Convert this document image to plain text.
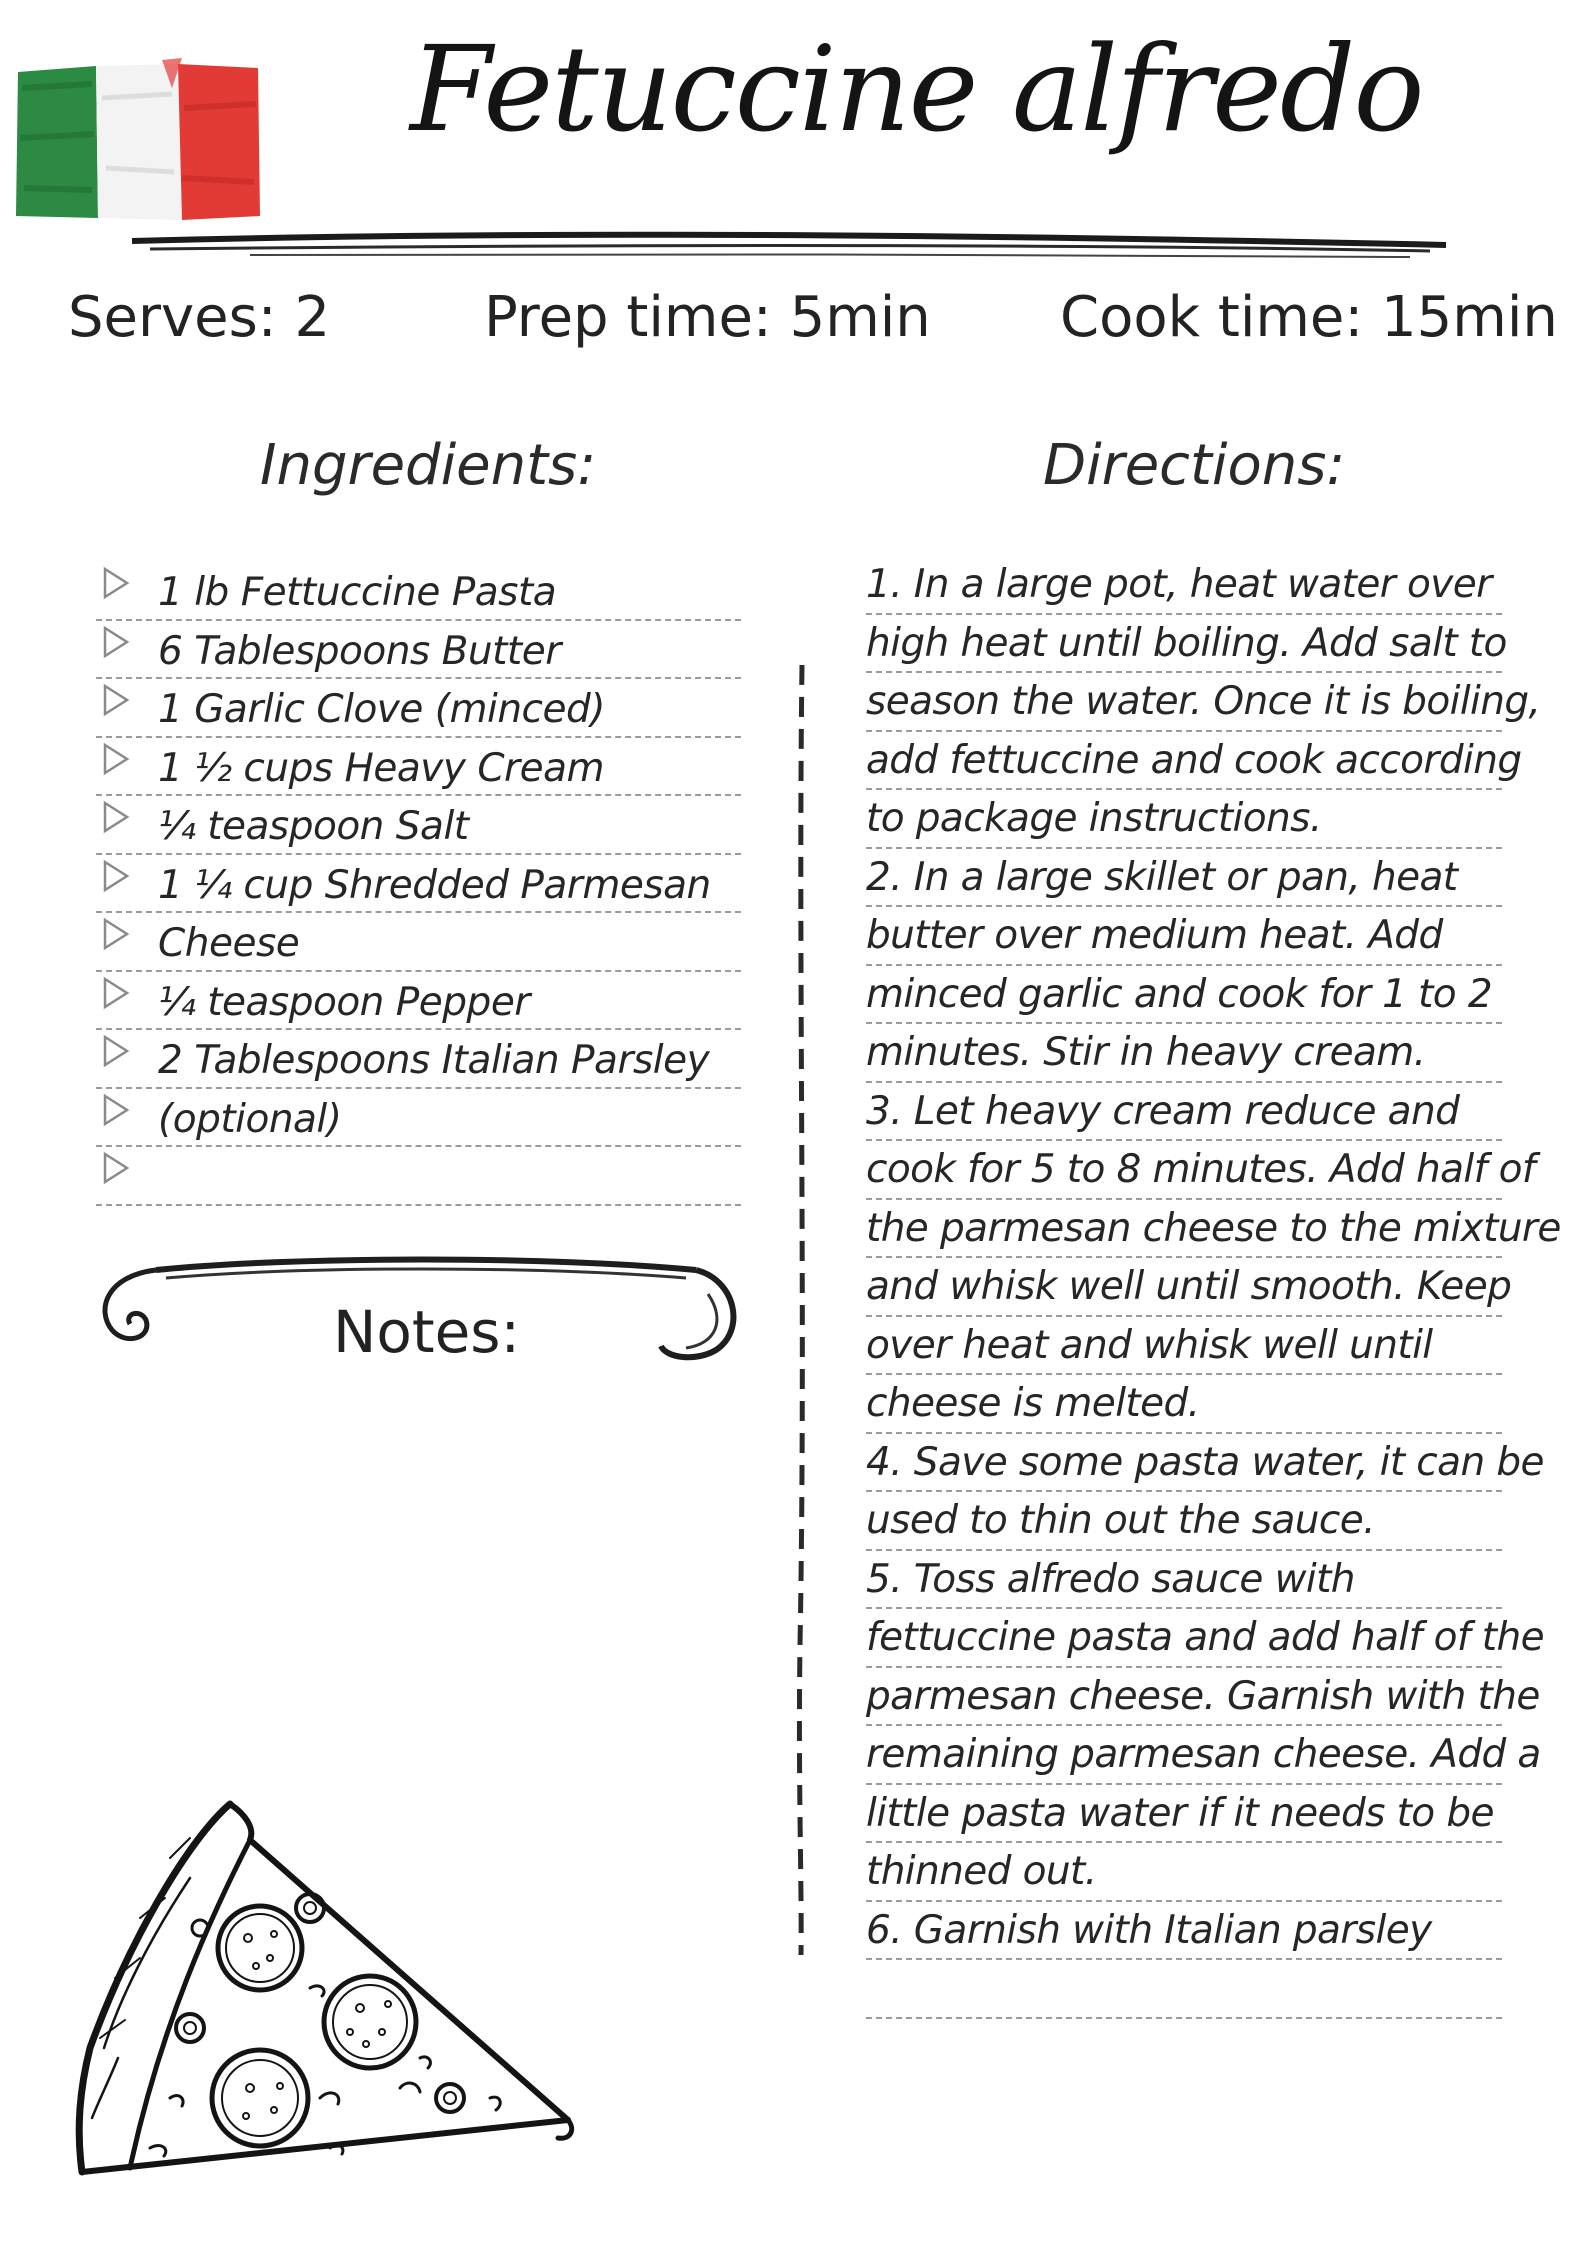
Fetuccine alfredo
Serves: 2	Prep time: 5min Cook time: 15min
Ingredients:	Directions:
1 lb Fettuccine Pasta
6 Tablespoons Butter
1 Garlic Clove (minced)
1 ½ cups Heavy Cream
¼ teaspoon Salt
1 ¼ cup Shredded Parmesan
Cheese
¼ teaspoon Pepper
2 Tablespoons Italian Parsley
(optional)
Notes:
1. In a large pot, heat water over
high heat until boiling. Add salt to
season the water. Once it is boiling,
add fettuccine and cook according
to package instructions.
2. In a large skillet or pan, heat
butter over medium heat. Add
minced garlic and cook for 1 to 2
minutes. Stir in heavy cream.
3. Let heavy cream reduce and
cook for 5 to 8 minutes. Add half of
the parmesan cheese to the mixture
and whisk well until smooth. Keep
over heat and whisk well until
cheese is melted.
4. Save some pasta water, it can be
used to thin out the sauce.
5. Toss alfredo sauce with
fettuccine pasta and add half of the
parmesan cheese. Garnish with the
remaining parmesan cheese. Add a
little pasta water if it needs to be
thinned out.
6. Garnish with Italian parsley
